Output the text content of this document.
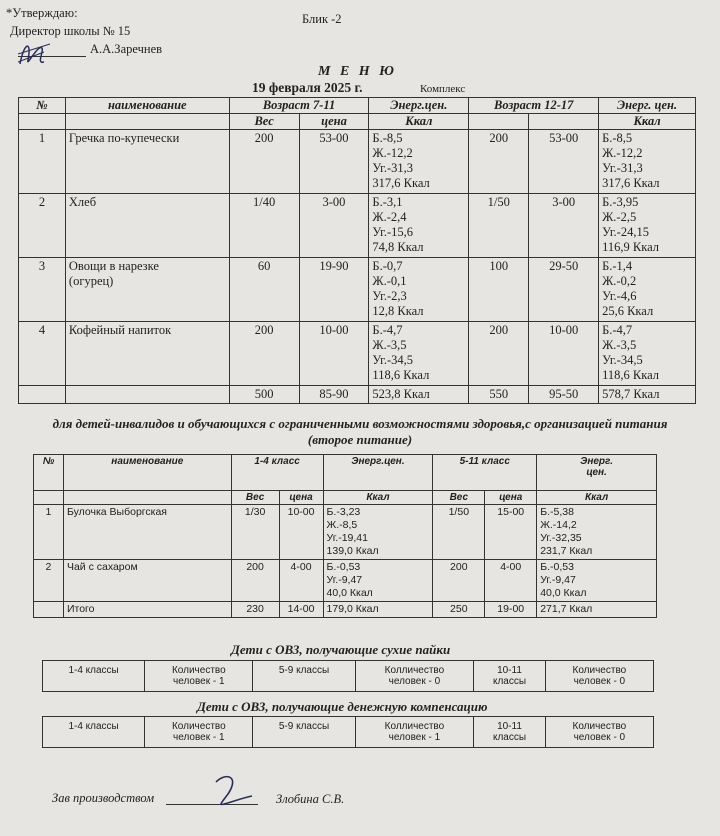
*Утверждаю:
Директор школы № 15
А.А.Заречнев
Блик -2
М Е Н Ю
19 февраля 2025 г.	Комплекс
№	наименование	Возраст 7-11		Энерг.цен.	Возраст 12-17		Энерг. цен.
		Вес	цена	Ккал			Ккал
1	Гречка по-купечески	200	53-00	Б.-8,5
Ж.-12,2
Уг.-31,3
317,6 Ккал	200	53-00	Б.-8,5
Ж.-12,2
Уг.-31,3
317,6 Ккал
2	Хлеб	1/40	3-00	Б.-3,1
Ж.-2,4
Уг.-15,6
74,8 Ккал	1/50	3-00	Б.-3,95
Ж.-2,5
Уг.-24,15
116,9 Ккал
3	Овощи в нарезке
(огурец)	60	19-90	Б.-0,7
Ж.-0,1
Уг.-2,3
12,8 Ккал	100	29-50	Б.-1,4
Ж.-0,2
Уг.-4,6
25,6 Ккал
4	Кофейный напиток	200	10-00	Б.-4,7
Ж.-3,5
Уг.-34,5
118,6 Ккал	200	10-00	Б.-4,7
Ж.-3,5
Уг.-34,5
118,6 Ккал
		500	85-90	523,8 Ккал	550	95-50	578,7 Ккал
для детей-инвалидов и обучающихся с ограниченными возможностями здоровья,с организацией питания (второе питание)
№	наименование	1-4 класс		Энерг.цен.	5-11 класс		Энерг.
цен.
		Вес	цена	Ккал	Вес	цена	Ккал
1	Булочка Выборгская	1/30	10-00	Б.-3,23
Ж.-8,5
Уг.-19,41
139,0 Ккал	1/50	15-00	Б.-5,38
Ж.-14,2
Уг.-32,35
231,7 Ккал
2	Чай с сахаром	200	4-00	Б.-0,53
Уг.-9,47
40,0 Ккал	200	4-00	Б.-0,53
Уг.-9,47
40,0 Ккал
	Итого	230	14-00	179,0 Ккал	250	19-00	271,7 Ккал
Дети с ОВЗ, получающие сухие пайки
1-4 классы	Количество
человек - 1	5-9 классы	Колличество
человек - 0	10-11
классы	Количество
человек - 0
Дети с ОВЗ, получающие денежную компенсацию
1-4 классы	Количество
человек - 1	5-9 классы	Колличество
человек - 1	10-11
классы	Количество
человек - 0
Зав производством	Злобина С.В.
